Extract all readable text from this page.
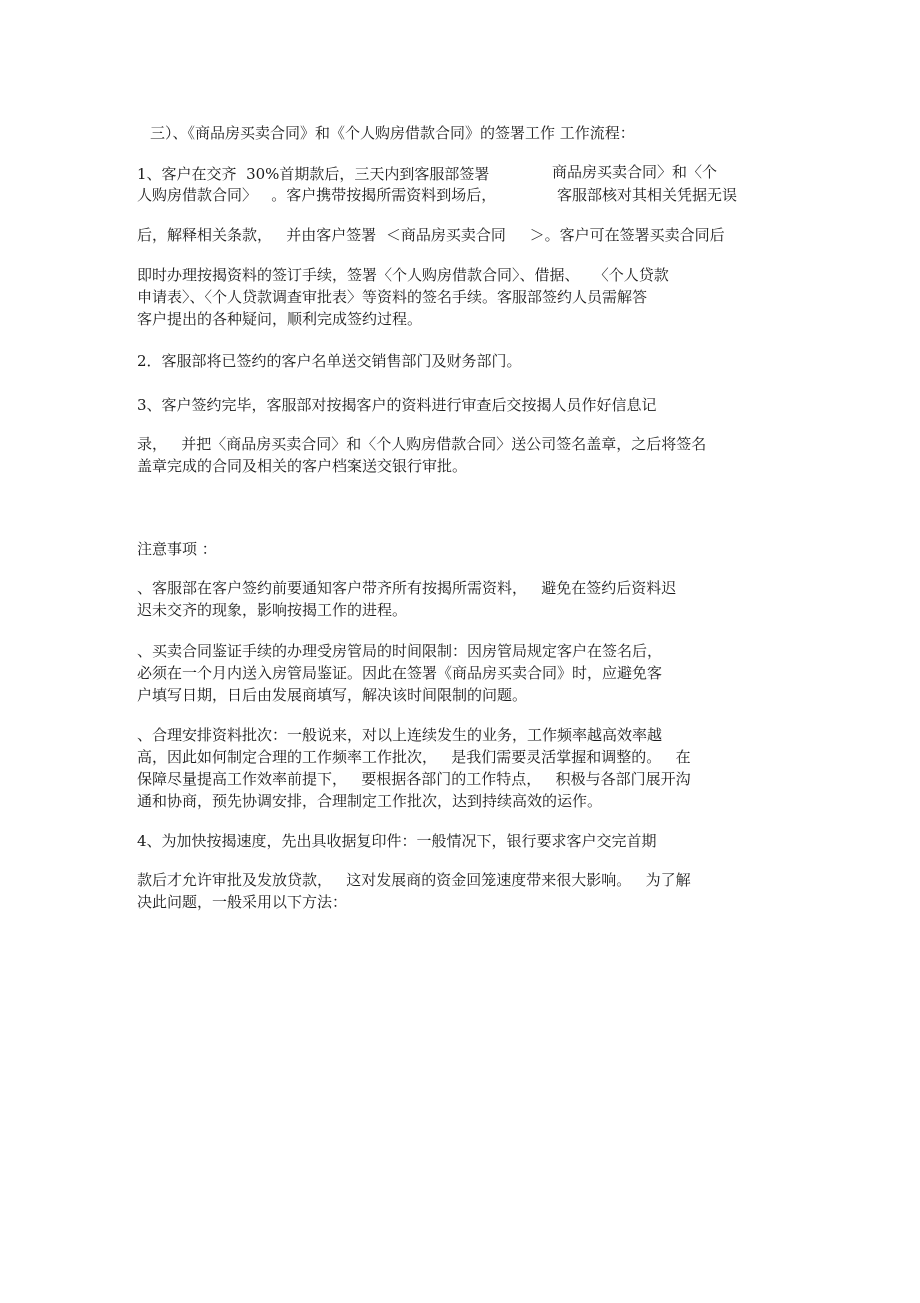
三）、《商品房买卖合同》和《个人购房借款合同》的签署工作 工作流程：
1、客户在交齐  30%首期款后，三天内到客服部签署	商品房买卖合同〉和〈个
人购房借款合同〉   。客户携带按揭所需资料到场后，	客服部核对其相关凭据无误
后，解释相关条款，   并由客户签署  ＜商品房买卖合同     ＞。客户可在签署买卖合同后
即时办理按揭资料的签订手续，签署〈个人购房借款合同〉、借据、   〈个人贷款
申请表〉、〈个人贷款调查审批表〉等资料的签名手续。客服部签约人员需解答
客户提出的各种疑问，顺利完成签约过程。
2．客服部将已签约的客户名单送交销售部门及财务部门。
3、客户签约完毕，客服部对按揭客户的资料进行审查后交按揭人员作好信息记
录，   并把〈商品房买卖合同〉和〈个人购房借款合同〉送公司签名盖章，之后将签名
盖章完成的合同及相关的客户档案送交银行审批。
注意事项 ：
、客服部在客户签约前要通知客户带齐所有按揭所需资料，   避免在签约后资料迟
迟未交齐的现象，影响按揭工作的进程。
、买卖合同鉴证手续的办理受房管局的时间限制：因房管局规定客户在签名后，
必须在一个月内送入房管局鉴证。因此在签署《商品房买卖合同》时，应避免客
户填写日期，日后由发展商填写，解决该时间限制的问题。
、合理安排资料批次：一般说来，对以上连续发生的业务，工作频率越高效率越
高，因此如何制定合理的工作频率工作批次，   是我们需要灵活掌握和调整的。   在
保障尽量提高工作效率前提下，   要根据各部门的工作特点，   积极与各部门展开沟
通和协商，预先协调安排，合理制定工作批次，达到持续高效的运作。
4、为加快按揭速度，先出具收据复印件：一般情况下，银行要求客户交完首期
款后才允许审批及发放贷款，   这对发展商的资金回笼速度带来很大影响。   为了解
决此问题，一般采用以下方法：
